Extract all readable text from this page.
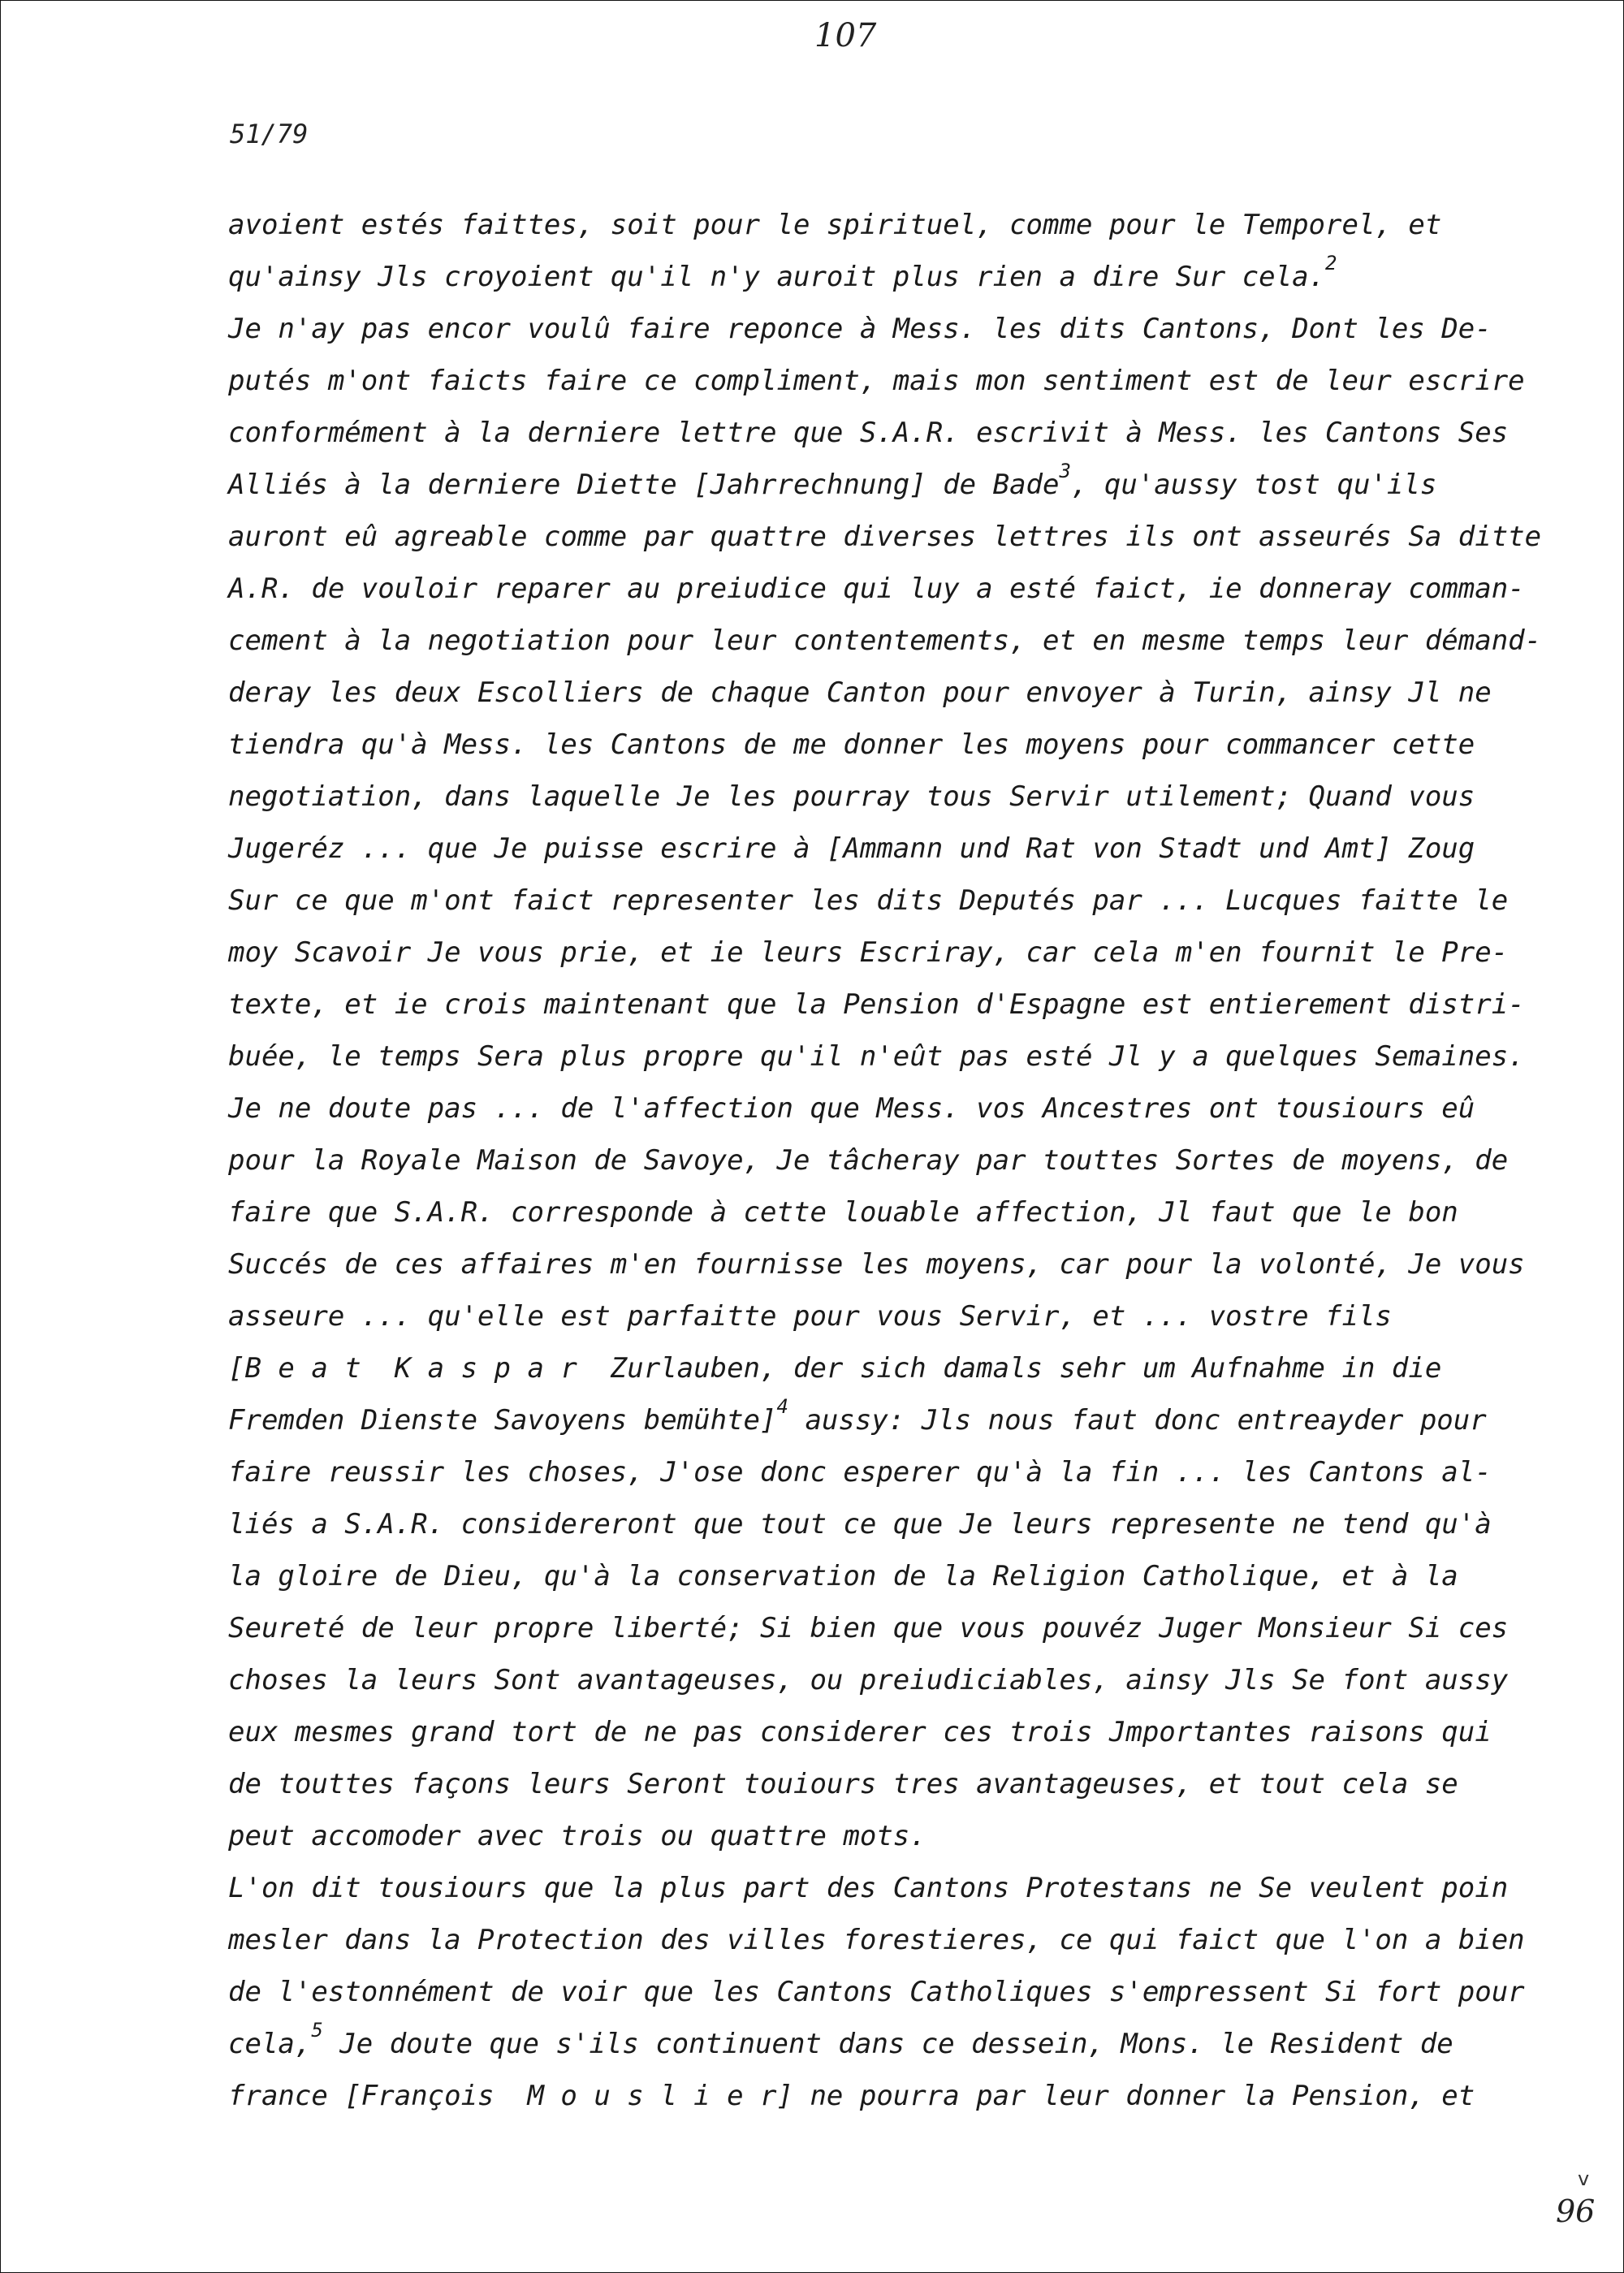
107
51/79
avoient estés faittes, soit pour le spirituel, comme pour le Temporel, et
qu'ainsy Jls croyoient qu'il n'y auroit plus rien a dire Sur cela.$^2$
Je n'ay pas encor voulû faire reponce à Mess. les dits Cantons, Dont les De-
putés m'ont faicts faire ce compliment, mais mon sentiment est de leur escrire
conformément à la derniere lettre que S.A.R. escrivit à Mess. les Cantons Ses
Alliés à la derniere Diette [Jahrrechnung] de Bade$^3$, qu'aussy tost qu'ils
auront eû agreable comme par quattre diverses lettres ils ont asseurés Sa ditte
A.R. de vouloir reparer au preiudice qui luy a esté faict, ie donneray comman-
cement à la negotiation pour leur contentements, et en mesme temps leur démand-
deray les deux Escolliers de chaque Canton pour envoyer à Turin, ainsy Jl ne
tiendra qu'à Mess. les Cantons de me donner les moyens pour commancer cette
negotiation, dans laquelle Je les pourray tous Servir utilement; Quand vous
Jugeréz ... que Je puisse escrire à [Ammann und Rat von Stadt und Amt] Zoug
Sur ce que m'ont faict representer les dits Deputés par ... Lucques faitte le
moy Scavoir Je vous prie, et ie leurs Escriray, car cela m'en fournit le Pre-
texte, et ie crois maintenant que la Pension d'Espagne est entierement distri-
buée, le temps Sera plus propre qu'il n'eût pas esté Jl y a quelques Semaines.
Je ne doute pas ... de l'affection que Mess. vos Ancestres ont tousiours eû
pour la Royale Maison de Savoye, Je tâcheray par touttes Sortes de moyens, de
faire que S.A.R. corresponde à cette louable affection, Jl faut que le bon
Succés de ces affaires m'en fournisse les moyens, car pour la volonté, Je vous
asseure ... qu'elle est parfaitte pour vous Servir, et ... vostre fils
[B e a t  K a s p a r  Zurlauben, der sich damals sehr um Aufnahme in die
Fremden Dienste Savoyens bemühte]$^4$ aussy: Jls nous faut donc entreayder pour
faire reussir les choses, J'ose donc esperer qu'à la fin ... les Cantons al-
liés a S.A.R. considereront que tout ce que Je leurs represente ne tend qu'à
la gloire de Dieu, qu'à la conservation de la Religion Catholique, et à la
Seureté de leur propre liberté; Si bien que vous pouvéz Juger Monsieur Si ces
choses la leurs Sont avantageuses, ou preiudiciables, ainsy Jls Se font aussy
eux mesmes grand tort de ne pas considerer ces trois Jmportantes raisons qui
de touttes façons leurs Seront touiours tres avantageuses, et tout cela se
peut accomoder avec trois ou quattre mots.
L'on dit tousiours que la plus part des Cantons Protestans ne Se veulent poin
mesler dans la Protection des villes forestieres, ce qui faict que l'on a bien
de l'estonnément de voir que les Cantons Catholiques s'empressent Si fort pour
cela,$^5$ Je doute que s'ils continuent dans ce dessein, Mons. le Resident de
france [François  M o u s l i e r] ne pourra par leur donner la Pension, et
v
96
